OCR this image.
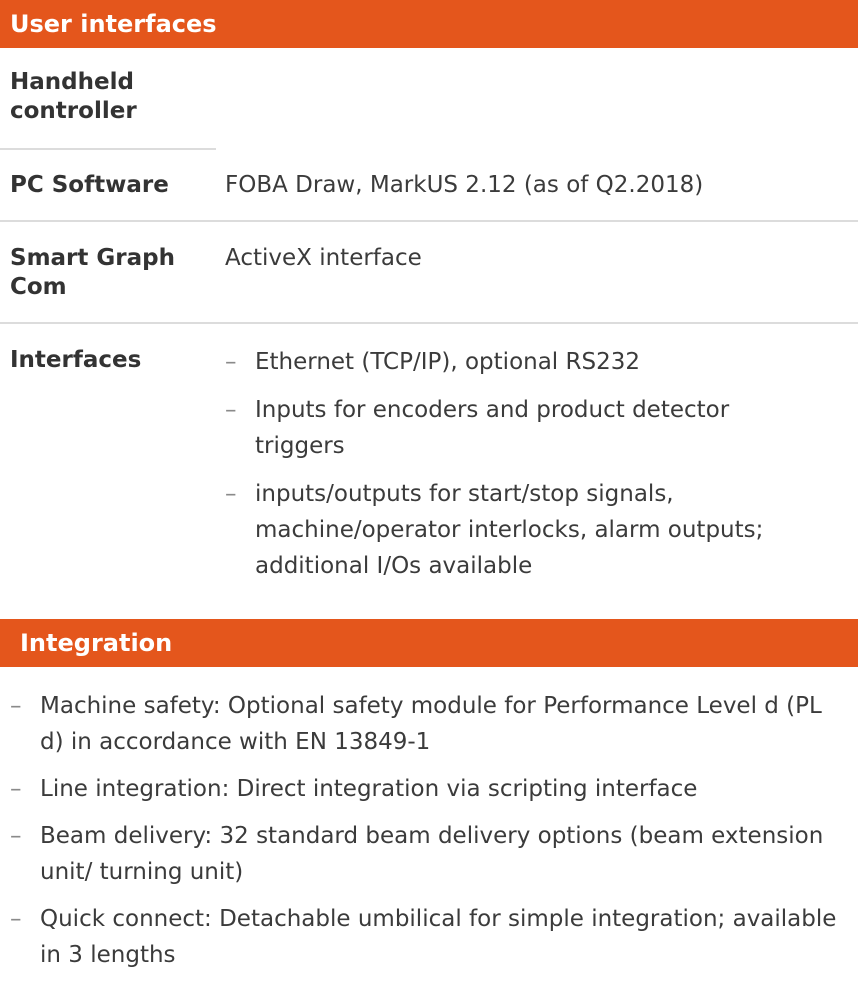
User interfaces
Handheld controller
PC Software	FOBA Draw, MarkUS 2.12 (as of Q2.2018)
Smart Graph Com
ActiveX interface
Interfaces	– Ethernet (TCP/IP), optional RS232
– Inputs for encoders and product detector triggers
– inputs/outputs for start/stop signals, machine/operator interlocks, alarm outputs; additional I/Os available
Integration
– Machine safety: Optional safety module for Performance Level d (PL d) in accordance with EN 13849-1
– Line integration: Direct integration via scripting interface
– Beam delivery: 32 standard beam delivery options (beam extension unit/ turning unit)
– Quick connect: Detachable umbilical for simple integration; available in 3 lengths
